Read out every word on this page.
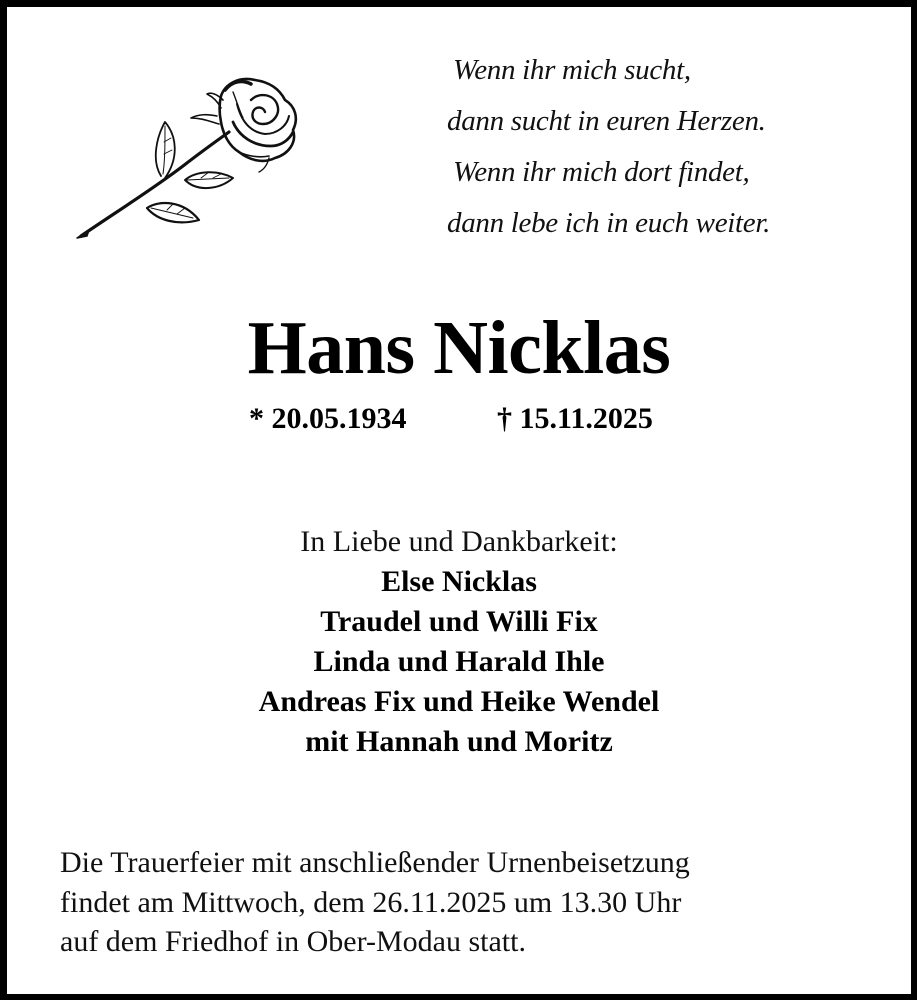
Wenn ihr mich sucht,
dann sucht in euren Herzen.
Wenn ihr mich dort findet,
dann lebe ich in euch weiter.
Hans Nicklas
* 20.05.1934	† 15.11.2025
In Liebe und Dankbarkeit:
Else Nicklas
Traudel und Willi Fix
Linda und Harald Ihle
Andreas Fix und Heike Wendel
mit Hannah und Moritz
Die Trauerfeier mit anschließender Urnenbeisetzung
findet am Mittwoch, dem 26.11.2025 um 13.30 Uhr
auf dem Friedhof in Ober-Modau statt.
